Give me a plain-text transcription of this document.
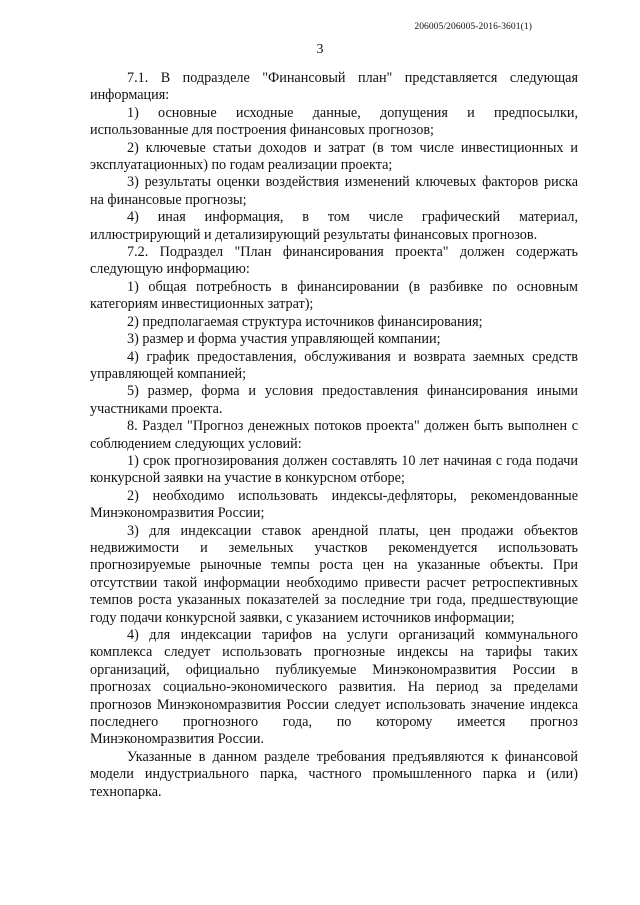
206005/206005-2016-3601(1)
3

7.1. В подразделе "Финансовый план" представляется следующая информация:

1) основные исходные данные, допущения и предпосылки, использованные для построения финансовых прогнозов;

2) ключевые статьи доходов и затрат (в том числе инвестиционных и эксплуатационных) по годам реализации проекта;

3) результаты оценки воздействия изменений ключевых факторов риска на финансовые прогнозы;

4) иная информация, в том числе графический материал, иллюстрирующий и детализирующий результаты финансовых прогнозов.

7.2. Подраздел "План финансирования проекта" должен содержать следующую информацию:

1) общая потребность в финансировании (в разбивке по основным категориям инвестиционных затрат);

2) предполагаемая структура источников финансирования;

3) размер и форма участия управляющей компании;

4) график предоставления, обслуживания и возврата заемных средств управляющей компанией;

5) размер, форма и условия предоставления финансирования иными участниками проекта.

8. Раздел "Прогноз денежных потоков проекта" должен быть выполнен с соблюдением следующих условий:

1) срок прогнозирования должен составлять 10 лет начиная с года подачи конкурсной заявки на участие в конкурсном отборе;

2) необходимо использовать индексы-дефляторы, рекомендованные Минэкономразвития России;

3) для индексации ставок арендной платы, цен продажи объектов недвижимости и земельных участков рекомендуется использовать прогнозируемые рыночные темпы роста цен на указанные объекты. При отсутствии такой информации необходимо привести расчет ретроспективных темпов роста указанных показателей за последние три года, предшествующие году подачи конкурсной заявки, с указанием источников информации;

4) для индексации тарифов на услуги организаций коммунального комплекса следует использовать прогнозные индексы на тарифы таких организаций, официально публикуемые Минэкономразвития России в прогнозах социально-экономического развития. На период за пределами прогнозов Минэкономразвития России следует использовать значение индекса последнего прогнозного года, по которому имеется прогноз Минэкономразвития России.

Указанные в данном разделе требования предъявляются к финансовой модели индустриального парка, частного промышленного парка и (или) технопарка.
